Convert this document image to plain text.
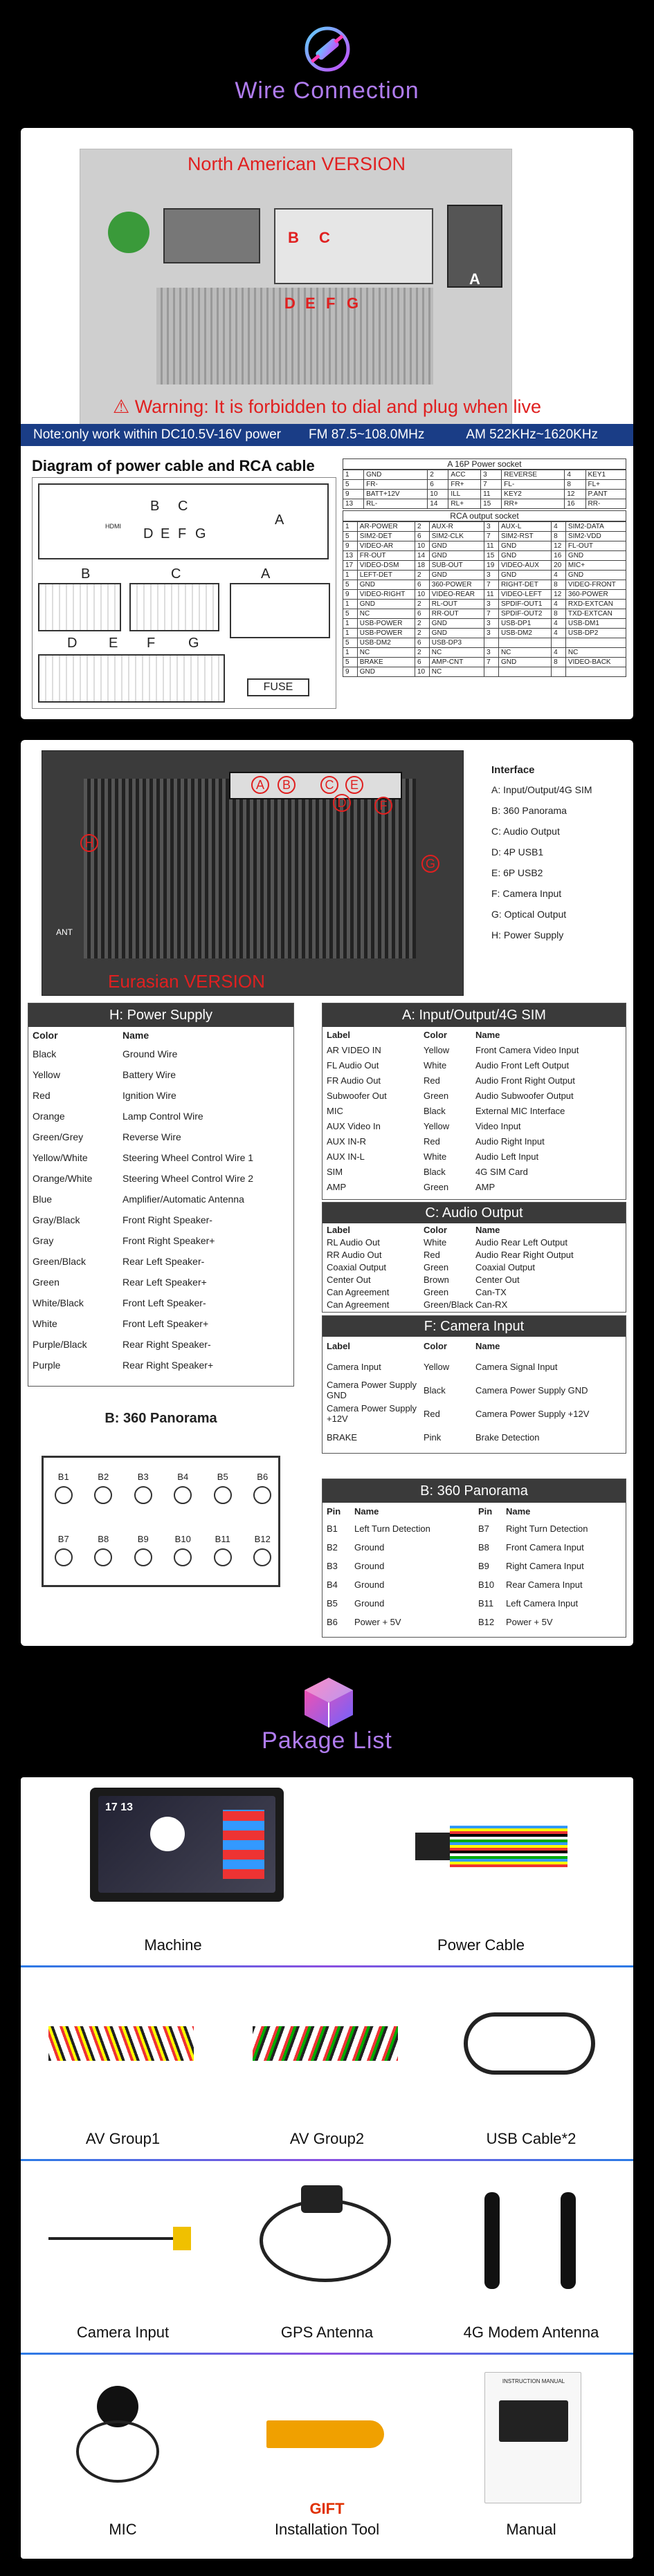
Wire Connection
North American VERSION
B C
D E F G
A
⚠ Warning: It is forbidden to dial and plug when live
Note:only work within DC10.5V-16V power FM 87.5~108.0MHz	AM 522KHz~1620KHz
Diagram of power cable and RCA cable
B C
D E F G
A
HDMI
B	C	A
D E F G
FUSE
A 16P Power socket
1	GND	2	ACC	3	REVERSE	4	KEY1
5	FR-	6	FR+	7	FL-	8	FL+
9	BATT+12V	10	ILL	11	KEY2	12	P.ANT
13	RL-	14	RL+	15	RR+	16	RR-
RCA output socket
1	AR-POWER	2	AUX-R	3	AUX-L	4	SIM2-DATA
5	SIM2-DET	6	SIM2-CLK	7	SIM2-RST	8	SIM2-VDD
9	VIDEO-AR	10	GND	11	GND	12	FL-OUT
13	FR-OUT	14	GND	15	GND	16	GND
17	VIDEO-DSM	18	SUB-OUT	19	VIDEO-AUX	20	MIC+
1	LEFT-DET	2	GND	3	GND	4	GND
5	GND	6	360-POWER	7	RIGHT-DET	8	VIDEO-FRONT
9	VIDEO-RIGHT	10	VIDEO-REAR	11	VIDEO-LEFT	12	360-POWER
1	GND	2	RL-OUT	3	SPDIF-OUT1	4	RXD-EXTCAN
5	NC	6	RR-OUT	7	SPDIF-OUT2	8	TXD-EXTCAN
1	USB-POWER	2	GND	3	USB-DP1	4	USB-DM1
1	USB-POWER	2	GND	3	USB-DM2	4	USB-DP2
5	USB-DM2	6	USB-DP3				
1	NC	2	NC	3	NC	4	NC
5	BRAKE	6	AMP-CNT	7	GND	8	VIDEO-BACK
9	GND	10	NC				
A	B	C	E
D	F
G
H
ANT
Eurasian VERSION
Interface
A: Input/Output/4G SIM
B: 360 Panorama
C: Audio Output
D: 4P USB1
E: 6P USB2
F: Camera Input
G: Optical Output
H: Power Supply
H: Power Supply
Color	Name
Black	Ground Wire
Yellow	Battery Wire
Red	Ignition Wire
Orange	Lamp Control Wire
Green/Grey	Reverse Wire
Yellow/White	Steering Wheel Control Wire 1
Orange/White	Steering Wheel Control Wire 2
Blue	Amplifier/Automatic Antenna
Gray/Black	Front Right Speaker-
Gray	Front Right Speaker+
Green/Black	Rear Left Speaker-
Green	Rear Left Speaker+
White/Black	Front Left Speaker-
White	Front Left Speaker+
Purple/Black	Rear Right Speaker-
Purple	Rear Right Speaker+
B: 360 Panorama
B1	B2	B3	B4	B5	B6
B7	B8	B9	B10	B11	B12
A: Input/Output/4G SIM
Label	Color	Name
AR VIDEO IN	Yellow	Front Camera Video Input
FL Audio Out	White	Audio Front Left Output
FR Audio Out	Red	Audio Front Right Output
Subwoofer Out	Green	Audio Subwoofer Output
MIC	Black	External MIC Interface
AUX Video In	Yellow	Video Input
AUX IN-R	Red	Audio Right Input
AUX IN-L	White	Audio Left Input
SIM	Black	4G SIM Card
AMP	Green	AMP
C: Audio Output
Label	Color	Name
RL Audio Out	White	Audio Rear Left Output
RR Audio Out	Red	Audio Rear Right Output
Coaxial Output	Green	Coaxial Output
Center Out	Brown	Center Out
Can Agreement	Green	Can-TX
Can Agreement	Green/Black Can-RX
F: Camera Input
Label	Color	Name
Camera Input	Yellow	Camera Signal Input
Camera Power Supply GND	Black	Camera Power Supply GND
Camera Power Supply +12V	Red	Camera Power Supply +12V
BRAKE	Pink	Brake Detection
B: 360 Panorama
Pin	Name
B1	Left Turn Detection
B2	Ground
B3	Ground
B4	Ground
B5	Ground
B6	Power + 5V
Pin	Name
B7	Right Turn Detection
B8	Front Camera Input
B9	Right Camera Input
B10	Rear Camera Input
B11	Left Camera Input
B12	Power + 5V
Pakage List
17 13
Machine	Power Cable
AV Group1	AV Group2	USB Cable*2
Camera Input	GPS Antenna	4G Modem Antenna
MIC
GIFT
Installation Tool
INSTRUCTION MANUAL
Manual
